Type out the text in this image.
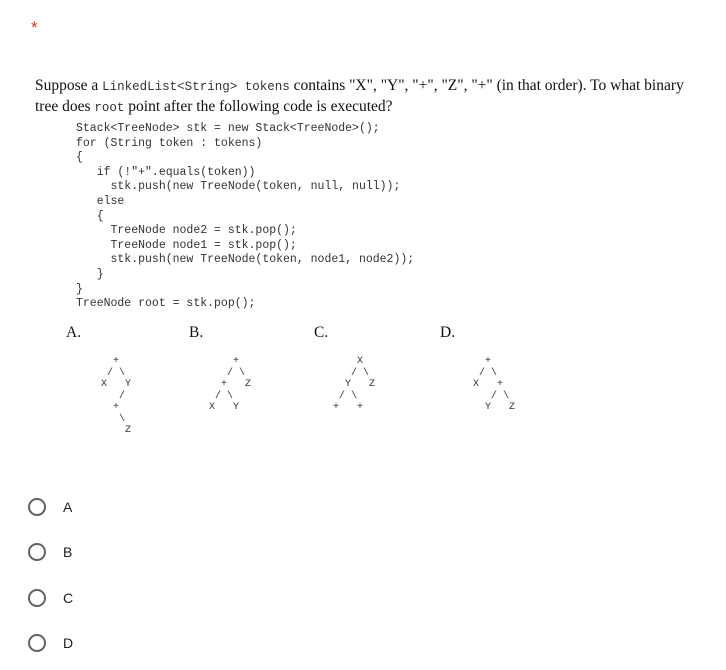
*
Suppose a LinkedList<String> tokens contains "X", "Y", "+", "Z", "+" (in that order). To what binary tree does root point after the following code is executed?
Stack<TreeNode> stk = new Stack<TreeNode>();
for (String token : tokens)
{
if (!"+".equals(token))
stk.push(new TreeNode(token, null, null));
else
{
TreeNode node2 = stk.pop();
TreeNode node1 = stk.pop();
stk.push(new TreeNode(token, node1, node2));
}
}
TreeNode root = stk.pop();
A.	B.	C.	D.
+
/ \
X   Y
/
+
\
Z
+
/ \
+   Z
/ \
X   Y
X
/ \
Y   Z
/ \
+   +
+
/ \
X   +
/ \
Y   Z
A
B
C
D
